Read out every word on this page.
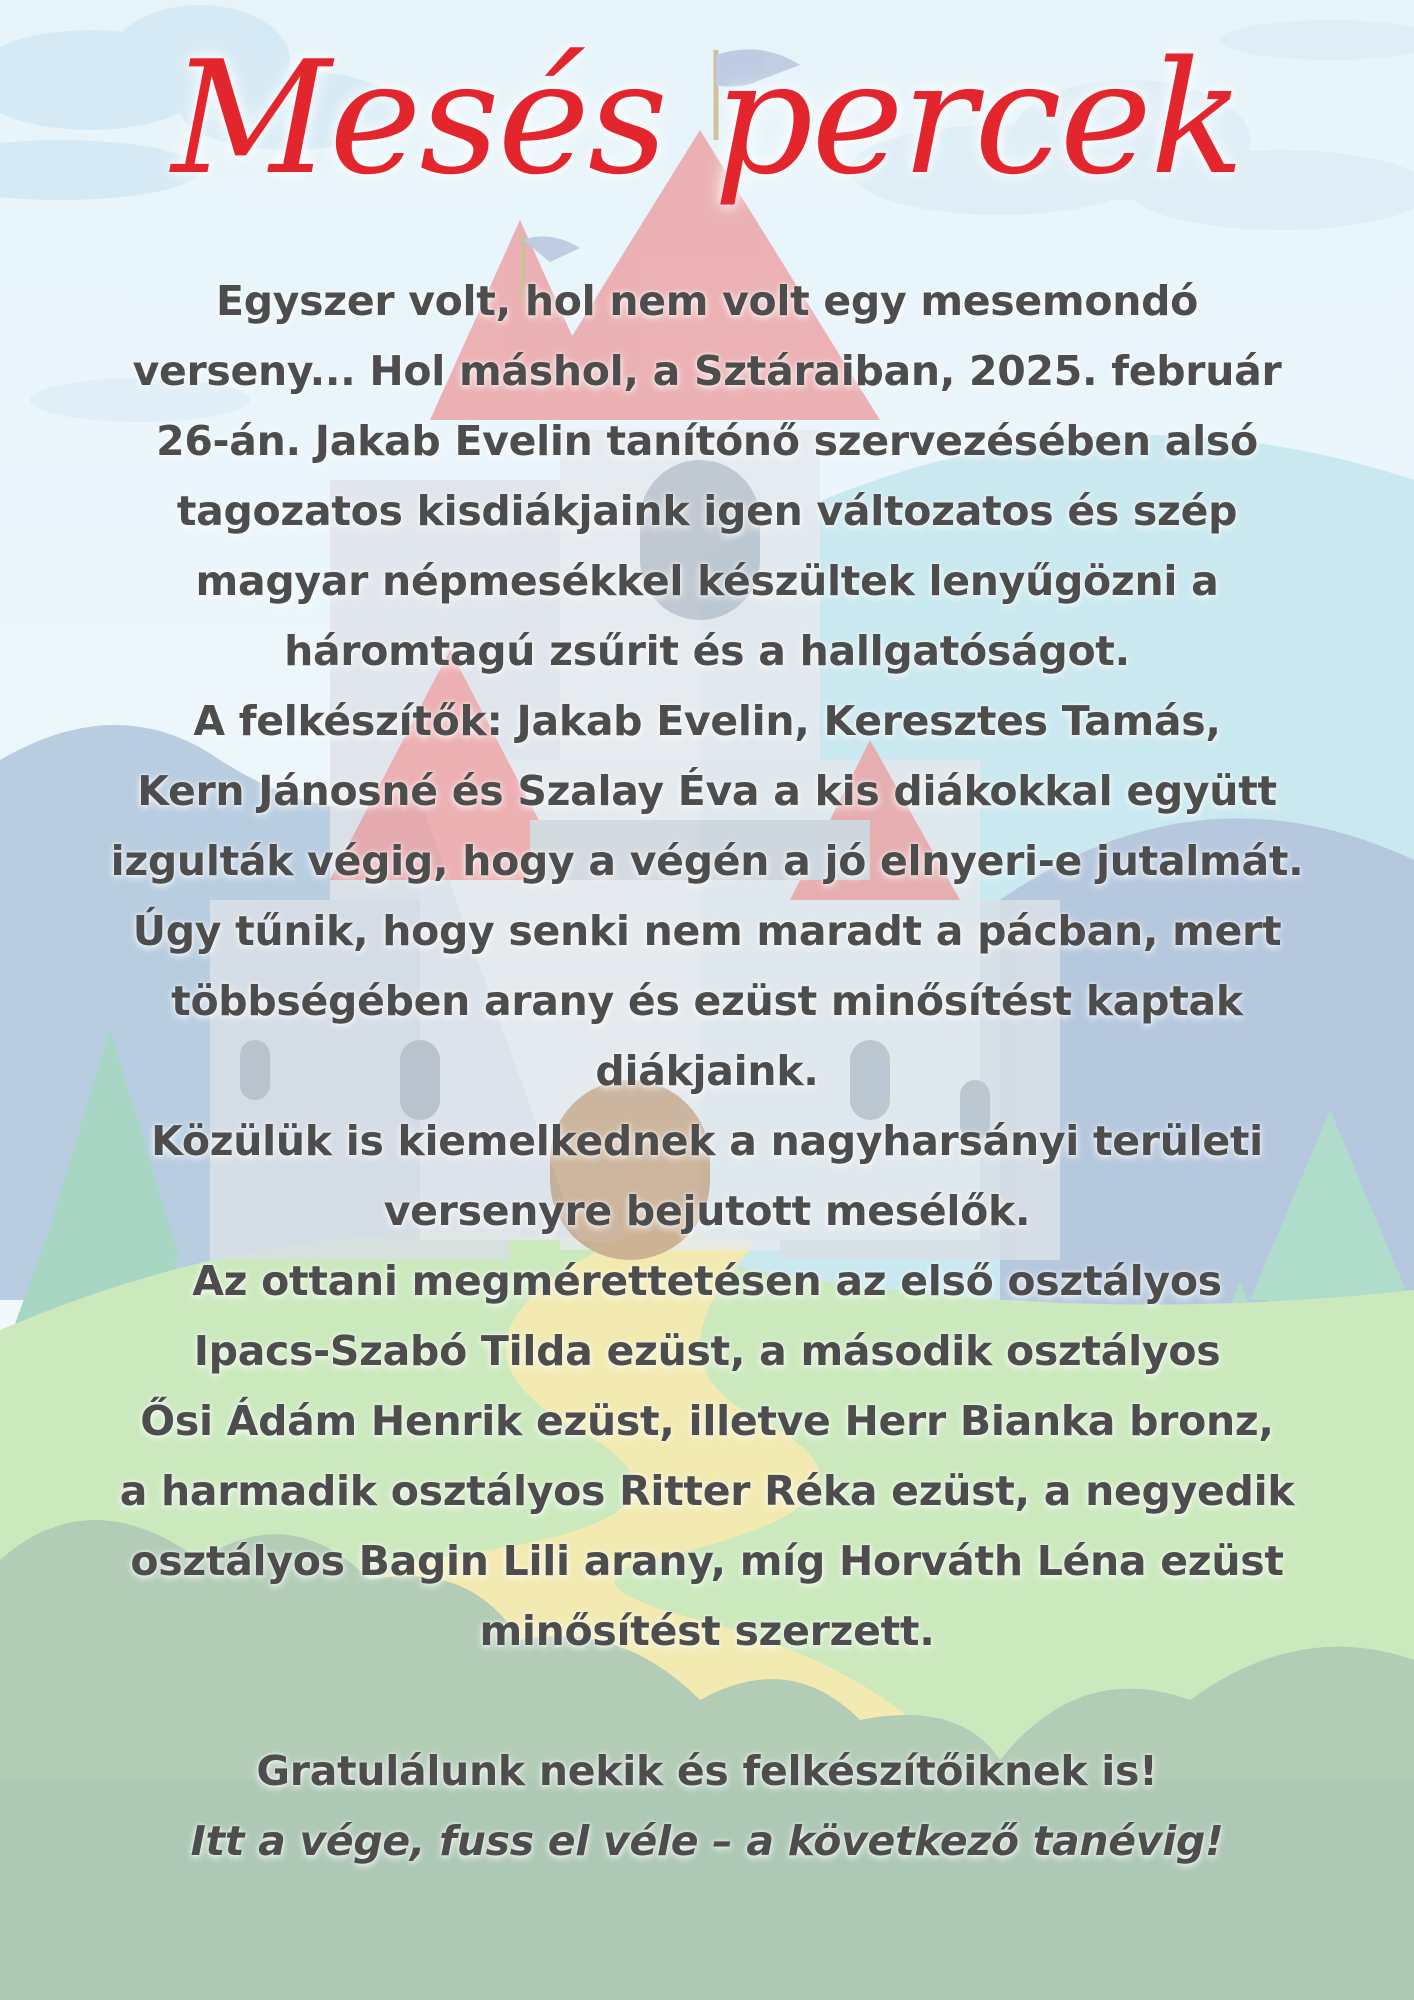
Mesés percek
Egyszer volt, hol nem volt egy mesemondó
verseny... Hol máshol, a Sztáraiban, 2025. február
26-án. Jakab Evelin tanítónő szervezésében alsó
tagozatos kisdiákjaink igen változatos és szép
magyar népmesékkel készültek lenyűgözni a
háromtagú zsűrit és a hallgatóságot.
A felkészítők: Jakab Evelin, Keresztes Tamás,
Kern Jánosné és Szalay Éva a kis diákokkal együtt
izgulták végig, hogy a végén a jó elnyeri-e jutalmát.
Úgy tűnik, hogy senki nem maradt a pácban, mert
többségében arany és ezüst minősítést kaptak
diákjaink.
Közülük is kiemelkednek a nagyharsányi területi
versenyre bejutott mesélők.
Az ottani megmérettetésen az első osztályos
Ipacs-Szabó Tilda ezüst, a második osztályos
Ősi Ádám Henrik ezüst, illetve Herr Bianka bronz,
a harmadik osztályos Ritter Réka ezüst, a negyedik
osztályos Bagin Lili arany, míg Horváth Léna ezüst
minősítést szerzett.
Gratulálunk nekik és felkészítőiknek is!
Itt a vége, fuss el véle – a következő tanévig!
